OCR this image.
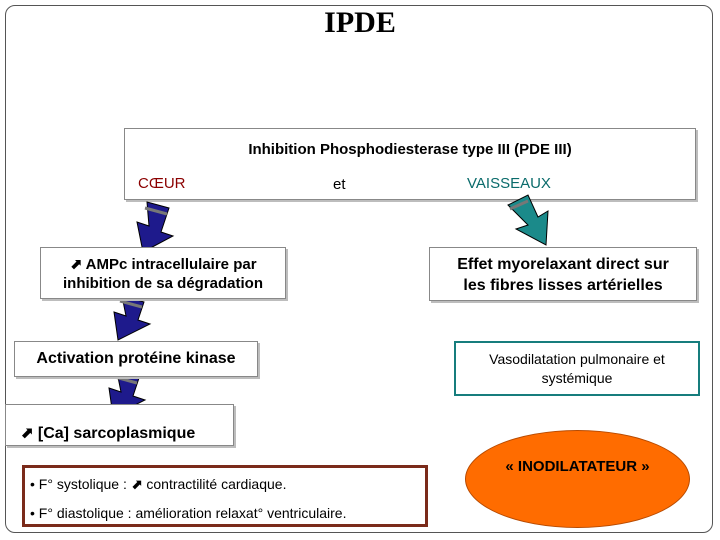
IPDE
Inhibition Phosphodiesterase type III (PDE III)
CŒUR	et	VAISSEAUX
⬈ AMPc intracellulaire par inhibition de sa dégradation
Activation protéine kinase
⬈ [Ca] sarcoplasmique
Effet myorelaxant direct sur les fibres lisses artérielles
Vasodilatation pulmonaire et systémique
• F° systolique : ⬈ contractilité cardiaque.
• F° diastolique : amélioration relaxat° ventriculaire.
« INODILATATEUR »
